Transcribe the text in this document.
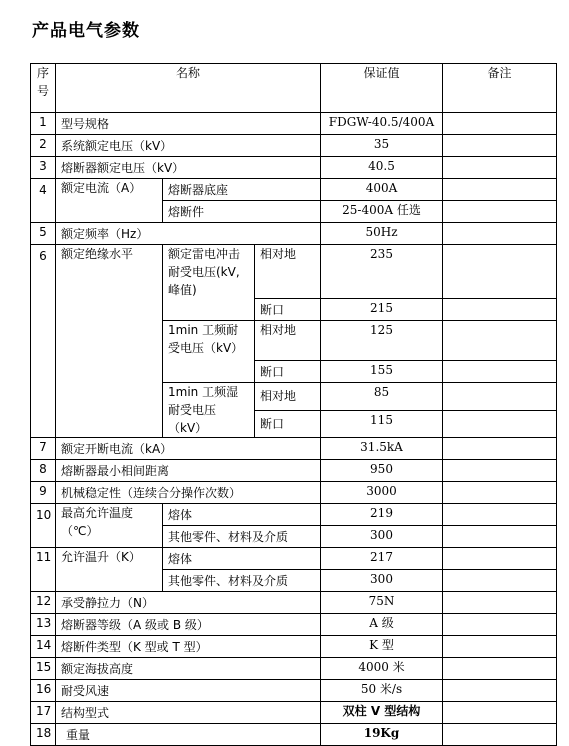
产品电气参数
序
号	名称			保证值	备注
1	型号规格			FDGW-40.5/400A	
2	系统额定电压（kV）			35	
3	熔断器额定电压（kV）			40.5	
4	额定电流（A）	熔断器底座		400A	
		熔断件		25-400A 任选	
5	额定频率（Hz）			50Hz	
6	额定绝缘水平	额定雷电冲击耐受电压(kV,峰值)	相对地	235	
			断口	215	
		1min 工频耐受电压（kV）	相对地	125	
			断口	155	
		1min 工频湿耐受电压（kV）	相对地	85	
			断口	115	
7	额定开断电流（kA）			31.5kA	
8	熔断器最小相间距离			950	
9	机械稳定性（连续合分操作次数）			3000	
10	最高允许温度（℃）	熔体		219	
		其他零件、材料及介质		300	
11	允许温升（K）	熔体		217	
		其他零件、材料及介质		300	
12	承受静拉力（N）			75N	
13	熔断器等级（A 级或 B 级）			A 级	
14	熔断件类型（K 型或 T 型）			K 型	
15	额定海拔高度			4000 米	
16	耐受风速			50 米/s	
17	结构型式			双柱 V 型结构	
18	重量			19Kg	
